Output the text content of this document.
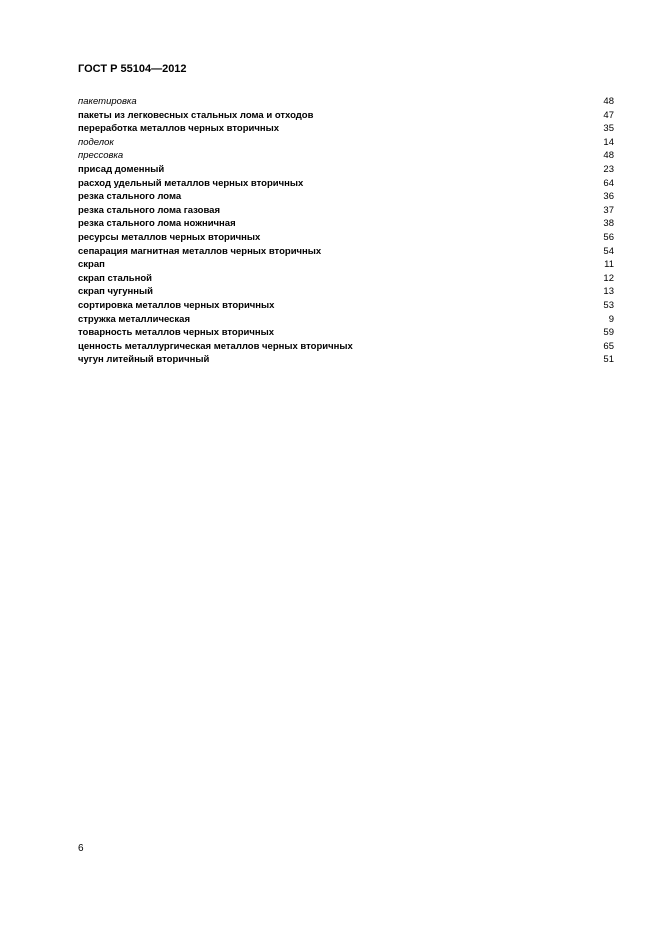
ГОСТ Р 55104—2012
пакетировка	48
пакеты из легковесных стальных лома и отходов	47
переработка металлов черных вторичных	35
поделок	14
прессовка	48
присад доменный	23
расход удельный металлов черных вторичных	64
резка стального лома	36
резка стального лома газовая	37
резка стального лома ножничная	38
ресурсы металлов черных вторичных	56
сепарация магнитная металлов черных вторичных	54
скрап	11
скрап стальной	12
скрап чугунный	13
сортировка металлов черных вторичных	53
стружка металлическая	9
товарность металлов черных вторичных	59
ценность металлургическая металлов черных вторичных	65
чугун литейный вторичный	51
6
